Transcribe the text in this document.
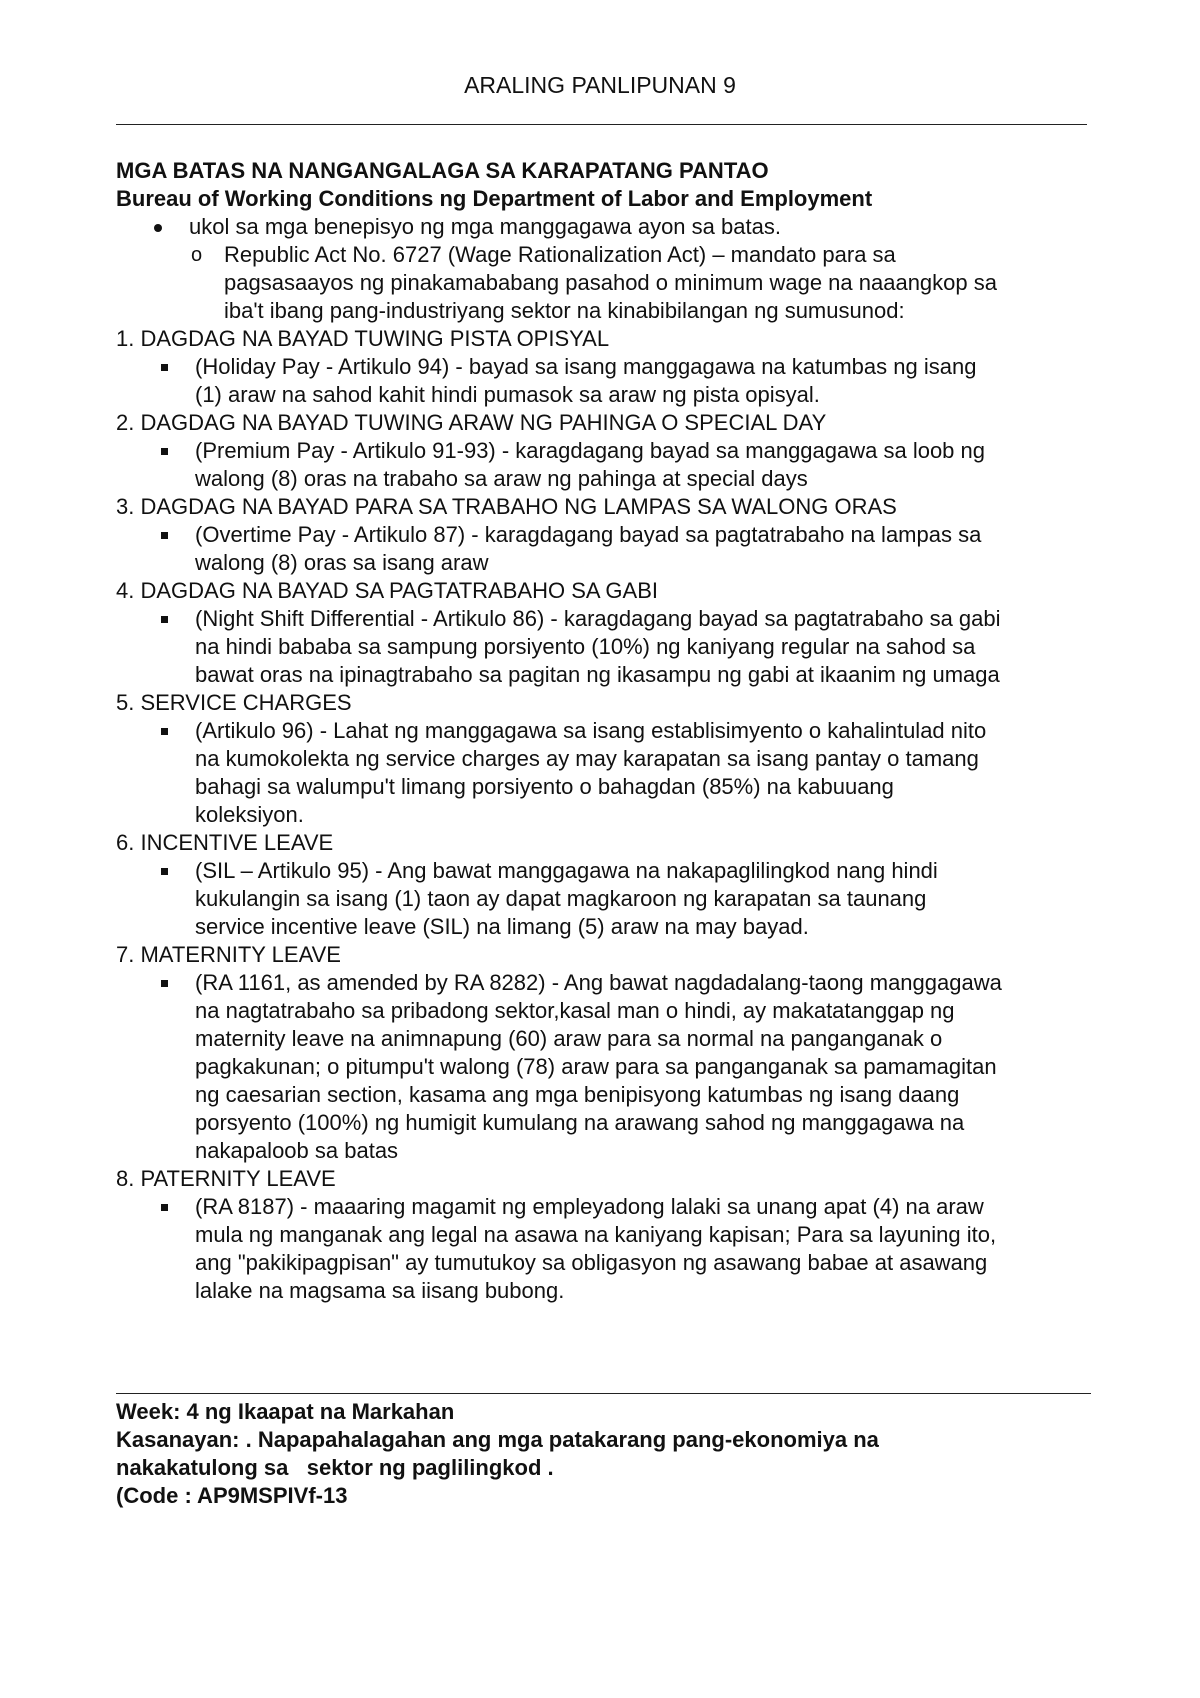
ARALING PANLIPUNAN 9
MGA BATAS NA NANGANGALAGA SA KARAPATANG PANTAO
Bureau of Working Conditions ng Department of Labor and Employment
ukol sa mga benepisyo ng mga manggagawa ayon sa batas.
o Republic Act No. 6727 (Wage Rationalization Act) – mandato para sa
pagsasaayos ng pinakamababang pasahod o minimum wage na naaangkop sa
iba't ibang pang-industriyang sektor na kinabibilangan ng sumusunod:
1. DAGDAG NA BAYAD TUWING PISTA OPISYAL
(Holiday Pay - Artikulo 94) - bayad sa isang manggagawa na katumbas ng isang
(1) araw na sahod kahit hindi pumasok sa araw ng pista opisyal.
2. DAGDAG NA BAYAD TUWING ARAW NG PAHINGA O SPECIAL DAY
(Premium Pay - Artikulo 91-93) - karagdagang bayad sa manggagawa sa loob ng
walong (8) oras na trabaho sa araw ng pahinga at special days
3. DAGDAG NA BAYAD PARA SA TRABAHO NG LAMPAS SA WALONG ORAS
(Overtime Pay - Artikulo 87) - karagdagang bayad sa pagtatrabaho na lampas sa
walong (8) oras sa isang araw
4. DAGDAG NA BAYAD SA PAGTATRABAHO SA GABI
(Night Shift Differential - Artikulo 86) - karagdagang bayad sa pagtatrabaho sa gabi
na hindi bababa sa sampung porsiyento (10%) ng kaniyang regular na sahod sa
bawat oras na ipinagtrabaho sa pagitan ng ikasampu ng gabi at ikaanim ng umaga
5. SERVICE CHARGES
(Artikulo 96) - Lahat ng manggagawa sa isang establisimyento o kahalintulad nito
na kumokolekta ng service charges ay may karapatan sa isang pantay o tamang
bahagi sa walumpu't limang porsiyento o bahagdan (85%) na kabuuang
koleksiyon.
6. INCENTIVE LEAVE
(SIL – Artikulo 95) - Ang bawat manggagawa na nakapaglilingkod nang hindi
kukulangin sa isang (1) taon ay dapat magkaroon ng karapatan sa taunang
service incentive leave (SIL) na limang (5) araw na may bayad.
7. MATERNITY LEAVE
(RA 1161, as amended by RA 8282) - Ang bawat nagdadalang-taong manggagawa
na nagtatrabaho sa pribadong sektor,kasal man o hindi, ay makatatanggap ng
maternity leave na animnapung (60) araw para sa normal na panganganak o
pagkakunan; o pitumpu't walong (78) araw para sa panganganak sa pamamagitan
ng caesarian section, kasama ang mga benipisyong katumbas ng isang daang
porsyento (100%) ng humigit kumulang na arawang sahod ng manggagawa na
nakapaloob sa batas
8. PATERNITY LEAVE
(RA 8187) - maaaring magamit ng empleyadong lalaki sa unang apat (4) na araw
mula ng manganak ang legal na asawa na kaniyang kapisan; Para sa layuning ito,
ang "pakikipagpisan" ay tumutukoy sa obligasyon ng asawang babae at asawang
lalake na magsama sa iisang bubong.
Week: 4 ng Ikaapat na Markahan
Kasanayan: . Napapahalagahan ang mga patakarang pang-ekonomiya na
nakakatulong sa   sektor ng paglilingkod .
(Code : AP9MSPIVf-13
